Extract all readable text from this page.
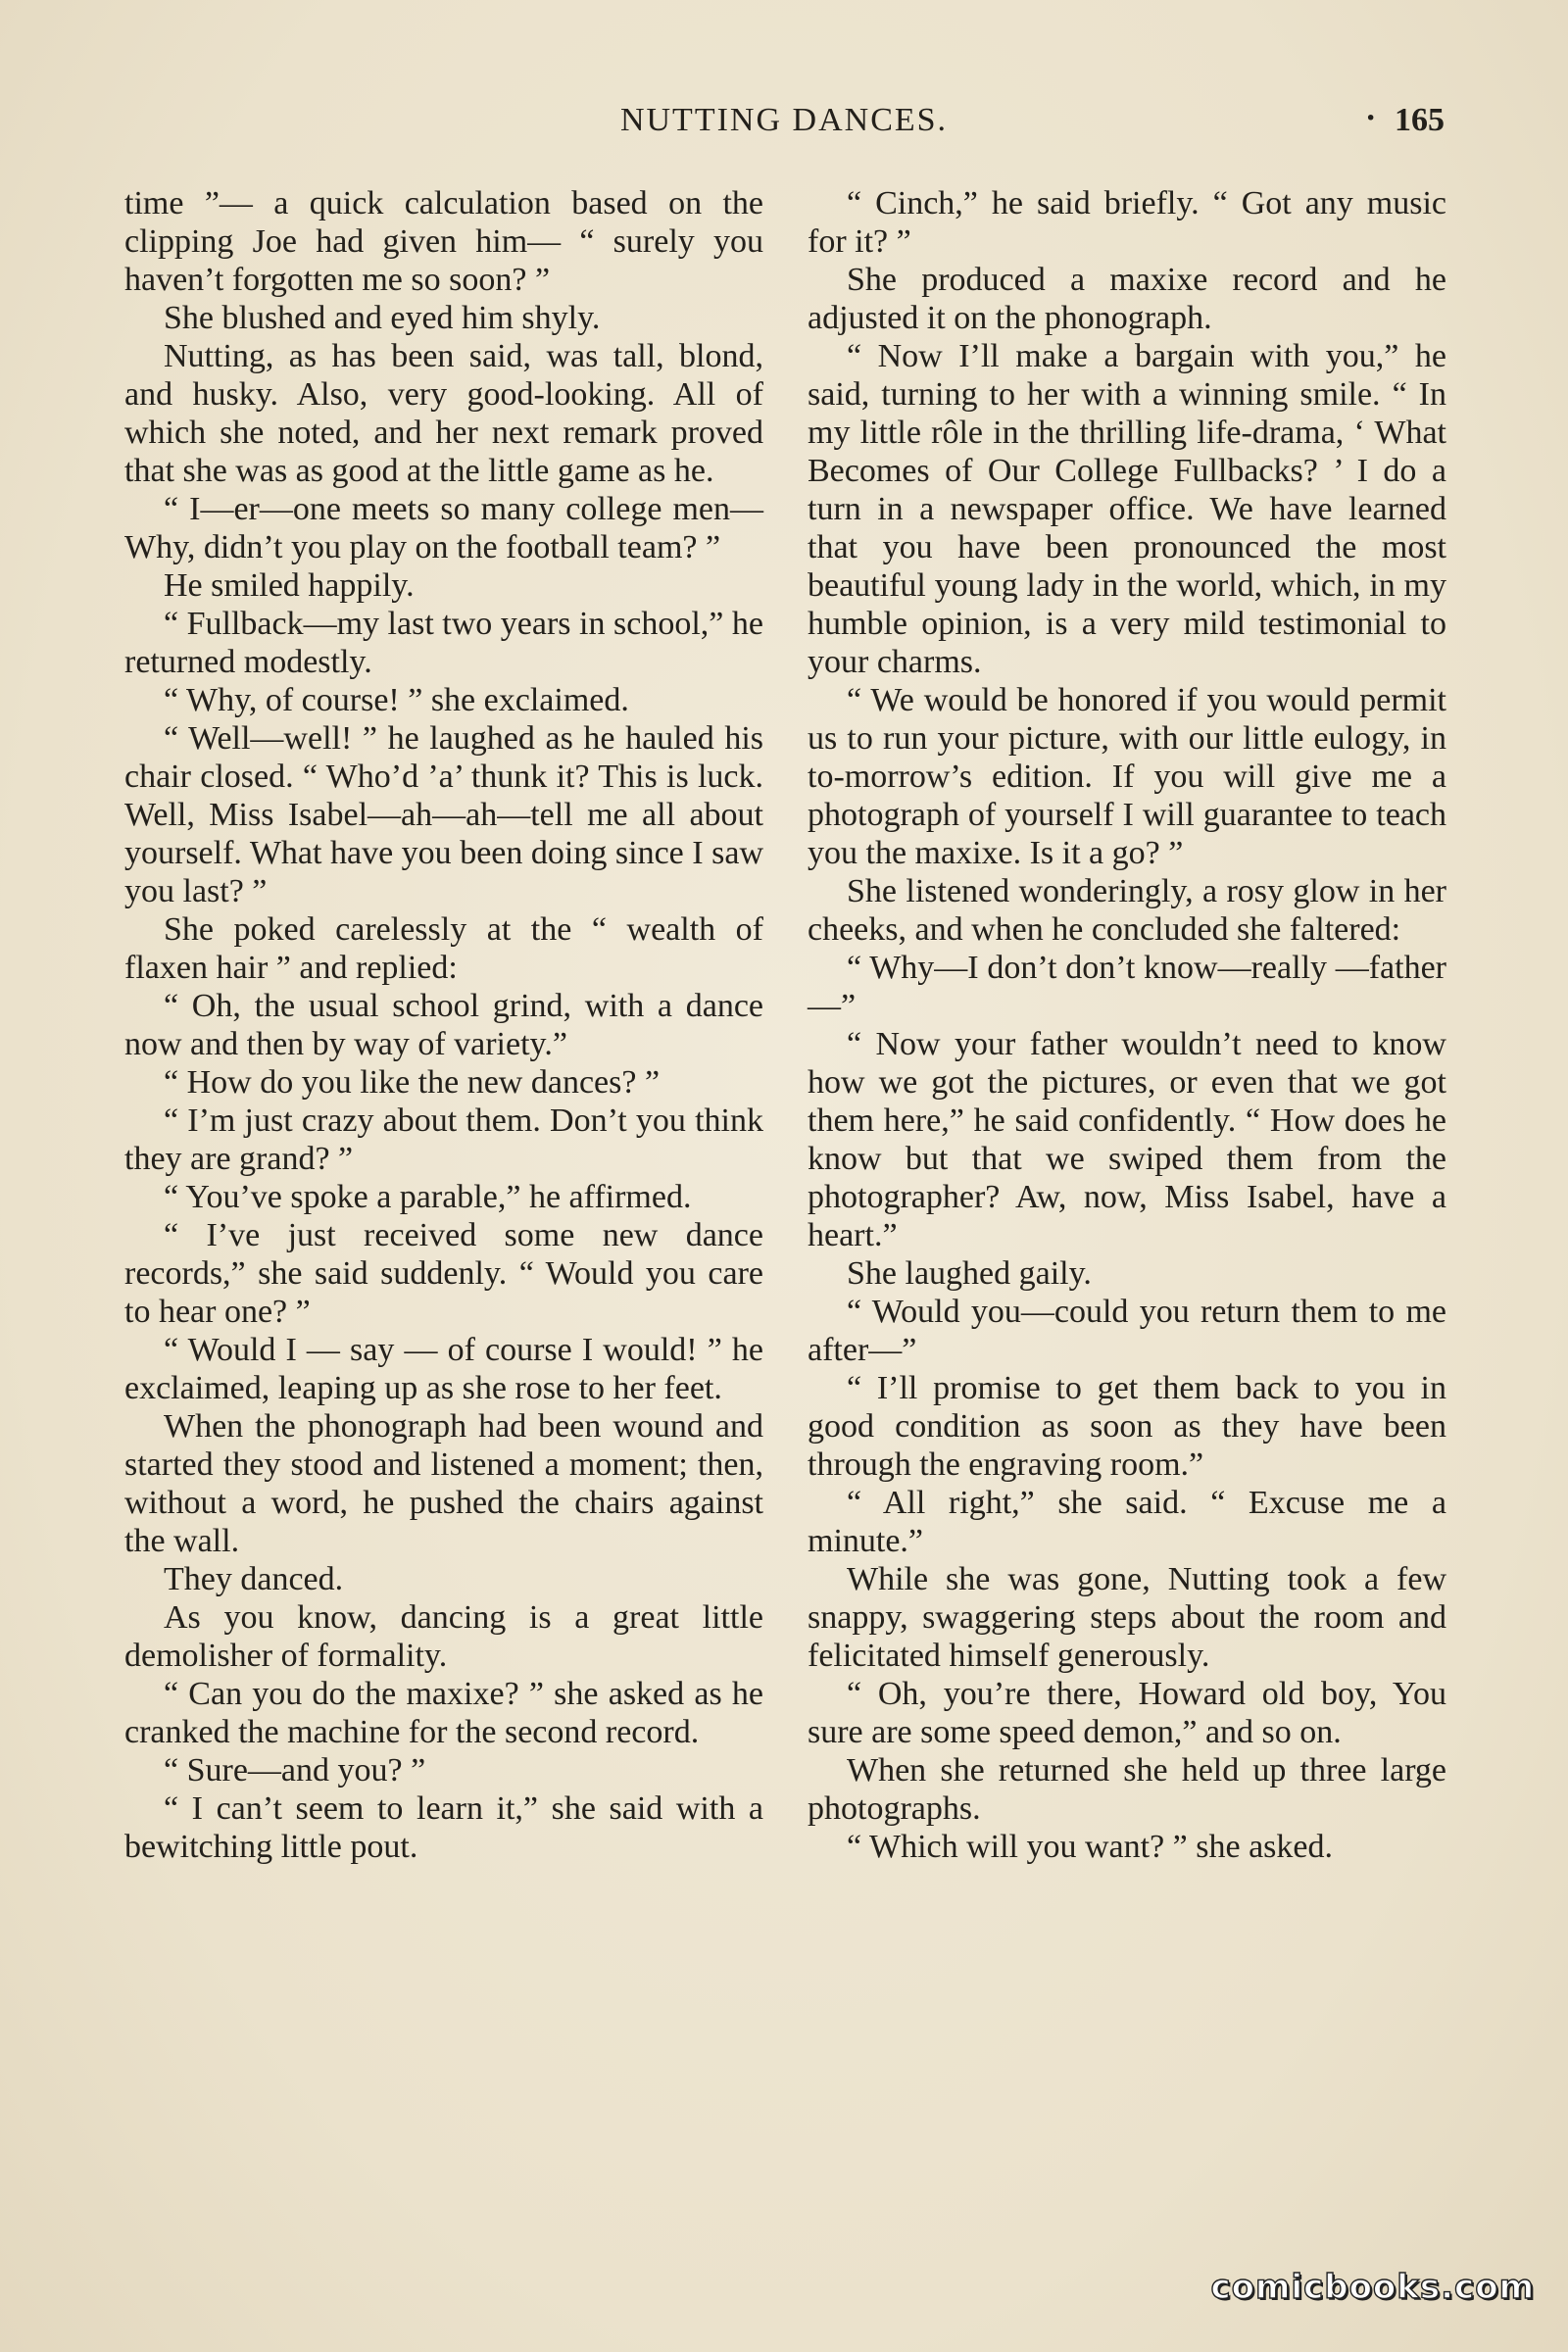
NUTTING DANCES.
·	165

time ”— a quick calculation based on the clipping Joe had given him— “ surely you haven’t forgotten me so soon? ”

She blushed and eyed him shyly.

Nutting, as has been said, was tall, blond, and husky. Also, very good-looking. All of which she noted, and her next remark proved that she was as good at the little game as he.

“ I—er—one meets so many college men— Why, didn’t you play on the football team? ”

He smiled happily.

“ Fullback—my last two years in school,” he returned modestly.

“ Why, of course! ” she exclaimed.

“ Well—well! ” he laughed as he hauled his chair closed. “ Who’d ’a’ thunk it? This is luck. Well, Miss Isabel—ah—ah—tell me all about yourself. What have you been doing since I saw you last? ”

She poked carelessly at the “ wealth of flaxen hair ” and replied:

“ Oh, the usual school grind, with a dance now and then by way of variety.”

“ How do you like the new dances? ”

“ I’m just crazy about them. Don’t you think they are grand? ”

“ You’ve spoke a parable,” he affirmed.

“ I’ve just received some new dance records,” she said suddenly. “ Would you care to hear one? ”

“ Would I — say — of course I would! ” he exclaimed, leaping up as she rose to her feet.

When the phonograph had been wound and started they stood and listened a moment; then, without a word, he pushed the chairs against the wall.

They danced.

As you know, dancing is a great little demolisher of formality.

“ Can you do the maxixe? ” she asked as he cranked the machine for the second record.

“ Sure—and you? ”

“ I can’t seem to learn it,” she said with a bewitching little pout.

“ Cinch,” he said briefly. “ Got any music for it? ”

She produced a maxixe record and he adjusted it on the phonograph.

“ Now I’ll make a bargain with you,” he said, turning to her with a winning smile. “ In my little rôle in the thrilling life-drama, ‘ What Becomes of Our College Fullbacks? ’ I do a turn in a newspaper office. We have learned that you have been pronounced the most beautiful young lady in the world, which, in my humble opinion, is a very mild testimonial to your charms.

“ We would be honored if you would permit us to run your picture, with our little eulogy, in to-morrow’s edition. If you will give me a photograph of yourself I will guarantee to teach you the maxixe. Is it a go? ”

She listened wonderingly, a rosy glow in her cheeks, and when he concluded she faltered:

“ Why—I don’t don’t know—really —father—”

“ Now your father wouldn’t need to know how we got the pictures, or even that we got them here,” he said confidently. “ How does he know but that we swiped them from the photographer? Aw, now, Miss Isabel, have a heart.”

She laughed gaily.

“ Would you—could you return them to me after—”

“ I’ll promise to get them back to you in good condition as soon as they have been through the engraving room.”

“ All right,” she said. “ Excuse me a minute.”

While she was gone, Nutting took a few snappy, swaggering steps about the room and felicitated himself generously.

“ Oh, you’re there, Howard old boy, You sure are some speed demon,” and so on.

When she returned she held up three large photographs.

“ Which will you want? ” she asked.

comicbooks.com
